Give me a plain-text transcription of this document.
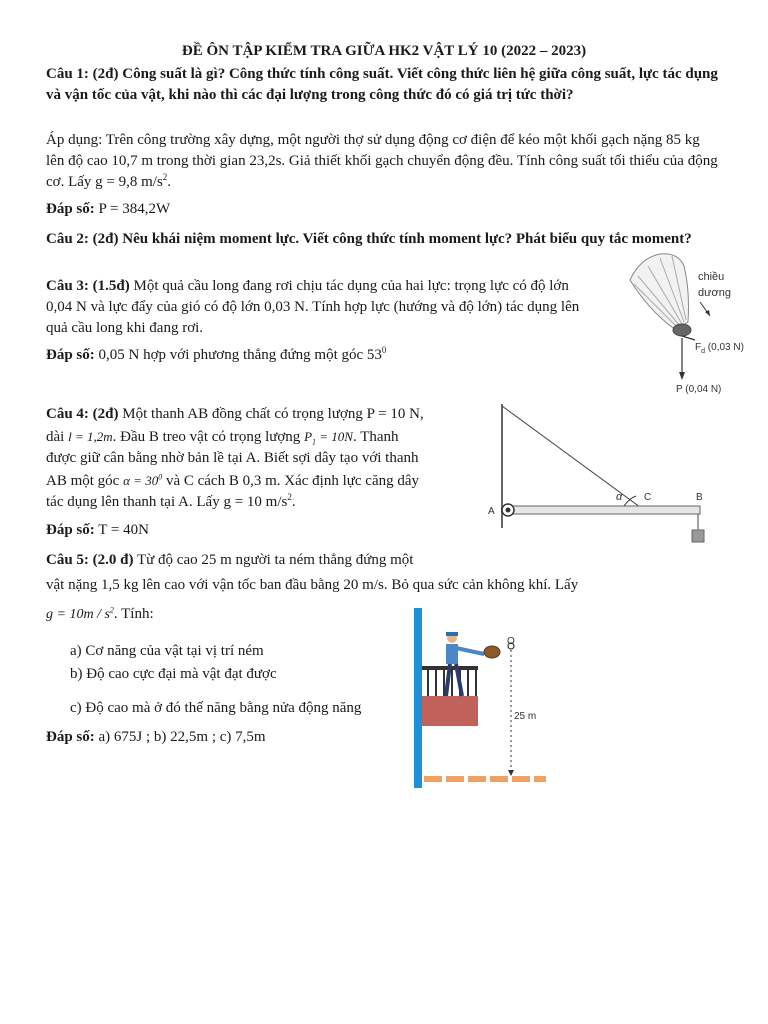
ĐỀ ÔN TẬP KIỂM TRA GIỮA HK2 VẬT LÝ 10 (2022 – 2023)
Câu 1: (2đ) Công suất là gì? Công thức tính công suất. Viết công thức liên hệ giữa công suất, lực tác dụng và vận tốc của vật, khi nào thì các đại lượng trong công thức đó có giá trị tức thời?
Áp dụng: Trên công trường xây dựng, một người thợ sử dụng động cơ điện để kéo một khối gạch nặng 85 kg lên độ cao 10,7 m trong thời gian 23,2s. Giả thiết khối gạch chuyển động đều. Tính công suất tối thiểu của động cơ. Lấy g = 9,8 $m/s^2$.
Đáp số: P = 384,2W
Câu 2: (2đ) Nêu khái niệm moment lực. Viết công thức tính moment lực? Phát biểu quy tắc moment?
Câu 3: (1.5đ) Một quả cầu long đang rơi chịu tác dụng của hai lực: trọng lực có độ lớn 0,04 N và lực đẩy của gió có độ lớn 0,03 N. Tính hợp lực (hướng và độ lớn) tác dụng lên quả cầu long khi đang rơi.
Đáp số: 0,05 N hợp với phương thẳng đứng một góc $53^0$
chiều
dương
$F_d$ (0,03 N)
P (0,04 N)
Câu 4: (2đ) Một thanh AB đồng chất có trọng lượng P = 10 N,
dài l = 1,2m. Đầu B treo vật có trọng lượng $P_1 = 10N$. Thanh
được giữ cân bằng nhờ bản lề tại A. Biết sợi dây tạo với thanh
AB một góc $\alpha = 30^0$ và C cách B 0,3 m. Xác định lực căng dây
tác dụng lên thanh tại A. Lấy g = 10 $m/s^2$.
Đáp số: T = 40N
α C	B
A
Câu 5: (2.0 đ) Từ độ cao 25 m người ta ném thẳng đứng một
vật nặng 1,5 kg lên cao với vận tốc ban đầu bằng 20 m/s. Bỏ qua sức cản không khí. Lấy
$g = 10m / s^2$. Tính:
a) Cơ năng của vật tại vị trí ném
b) Độ cao cực đại mà vật đạt được
c) Độ cao mà ở đó thế năng bằng nửa động năng
Đáp số: a) 675J ; b) 22,5m ; c) 7,5m
O
25 m
